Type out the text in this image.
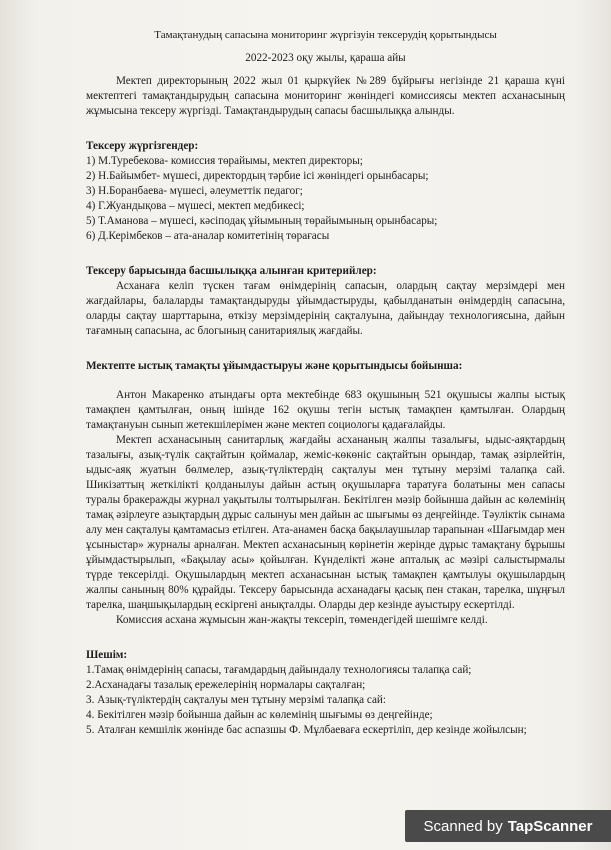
Тамақтанудың сапасына мониторинг жүргізуін тексерудің қорытындысы
2022-2023 оқу жылы, қараша айы

Мектеп директорының 2022 жыл 01 қыркүйек №289 бұйрығы негізінде 21 қараша күні мектептегі тамақтандырудың сапасына мониторинг жөніндегі комиссиясы мектеп асханасының жұмысына тексеру жүргізді. Тамақтандырудың сапасы басшылыққа алынды.

Тексеру жүргізгендер:
1) М.Туребекова- комиссия төрайымы, мектеп директоры;
2) Н.Байымбет- мүшесі, директордың тәрбие ісі жөніндегі орынбасары;
3) Н.Боранбаева- мүшесі, әлеуметтік педагог;
4) Г.Жуандықова – мүшесі, мектеп медбикесі;
5) Т.Аманова – мүшесі, кәсіподақ ұйымының төрайымының орынбасары;
6) Д.Керімбеков – ата-аналар комитетінің төрағасы
Тексеру барысында басшылыққа алынған критерийлер:

Асханаға келіп түскен тағам өнімдерінің сапасын, олардың сақтау мерзімдері мен жағдайлары, балаларды тамақтандыруды ұйымдастыруды, қабылданатын өнімдердің сапасына, оларды сақтау шарттарына, өткізу мерзімдерінің сақталуына, дайындау технологиясына, дайын тағамның сапасына, ас блогының санитариялық жағдайы.

Мектепте ыстық тамақты ұйымдастыруы және қорытындысы бойынша:

Антон Макаренко атындағы орта мектебінде 683 оқушының 521 оқушысы жалпы ыстық тамақпен қамтылған, оның ішінде 162 оқушы тегін ыстық тамақпен қамтылған. Олардың тамақтануын сынып жетекшілерімен және мектеп социологы қадағалайды.

Мектеп асханасының санитарлық жағдайы асхананың жалпы тазалығы, ыдыс-аяқтардың тазалығы, азық-түлік сақтайтын қоймалар, жеміс-көкөніс сақтайтын орындар, тамақ әзірлейтін, ыдыс-аяқ жуатын бөлмелер, азық-түліктердің сақталуы мен тұтыну мерзімі талапқа сай. Шикізаттың жеткілікті қолданылуы дайын астың оқушыларға таратуға болатыны мен сапасы туралы бракеражды журнал уақытылы толтырылған. Бекітілген мәзір бойынша дайын ас көлемінің тамақ әзірлеуге азықтардың дұрыс салынуы мен дайын ас шығымы өз деңгейінде. Тәуліктік сынама алу мен сақталуы қамтамасыз етілген. Ата-анамен басқа бақылаушылар тарапынан «Шағымдар мен ұсыныстар» журналы арналған. Мектеп асханасының көрінетін жерінде дұрыс тамақтану бұрышы ұйымдастырылып, «Бақылау асы» қойылған. Күнделікті және апталық ас мәзірі салыстырмалы түрде тексерілді. Оқушылардың мектеп асханасынан ыстық тамақпен қамтылуы оқушылардың жалпы санының 80% құрайды. Тексеру барысында асханадағы қасық пен стакан, тарелка, шұңғыл тарелка, шаңшықылардың ескіргені анықталды. Оларды дер кезінде ауыстыру ескертілді.

Комиссия асхана жұмысын жан-жақты тексеріп, төмендегідей шешімге келді.

Шешім:
1.Тамақ өнімдерінің сапасы, тағамдардың дайындалу технологиясы талапқа сай;
2.Асханадағы тазалық ережелерінің нормалары сақталған;
3. Азық-түліктердің сақталуы мен тұтыну мерзімі талапқа сай:
4. Бекітілген мәзір бойынша дайын ас көлемінің шығымы өз деңгейінде;
5. Аталған кемшілік жөнінде бас аспазшы Ф. Мұлбаеваға ескертіліп, дер кезінде жойылсын;
Scanned by TapScanner
